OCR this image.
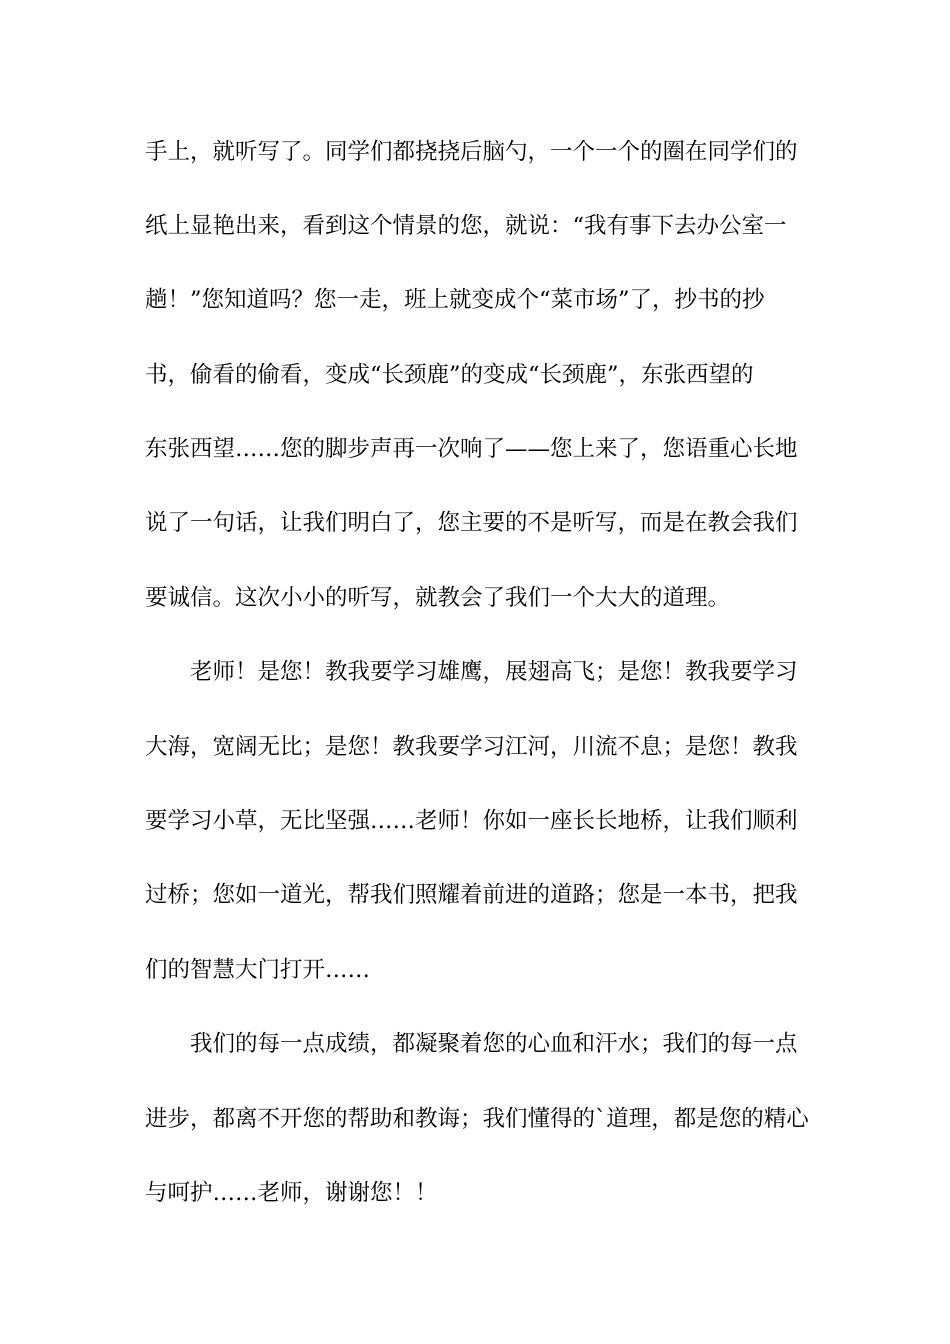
手上，就听写了。同学们都挠挠后脑勺，一个一个的圈在同学们的
纸上显艳出来，看到这个情景的您，就说：“我有事下去办公室一
趟！”您知道吗？您一走，班上就变成个“菜市场”了，抄书的抄
书，偷看的偷看，变成“长颈鹿”的变成“长颈鹿”，东张西望的
东张西望……您的脚步声再一次响了——您上来了，您语重心长地
说了一句话，让我们明白了，您主要的不是听写，而是在教会我们
要诚信。这次小小的听写，就教会了我们一个大大的道理。
老师！是您！教我要学习雄鹰，展翅高飞；是您！教我要学习
大海，宽阔无比；是您！教我要学习江河，川流不息；是您！教我
要学习小草，无比坚强……老师！你如一座长长地桥，让我们顺利
过桥；您如一道光，帮我们照耀着前进的道路；您是一本书，把我
们的智慧大门打开……
我们的每一点成绩，都凝聚着您的心血和汗水；我们的每一点
进步，都离不开您的帮助和教诲；我们懂得的`道理，都是您的精心
与呵护……老师，谢谢您！！
